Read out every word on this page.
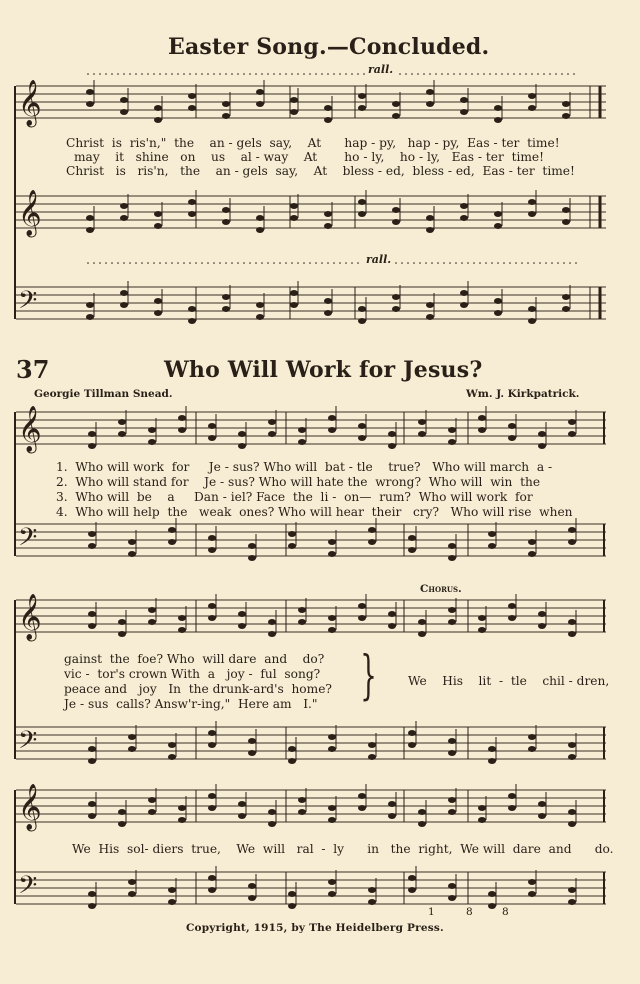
𝄞
𝄞
𝄢
𝄞
𝄢
𝄞
𝄢
𝄞
𝄢
Easter Song.—Concluded.
rall.
Christ  is  ris'n,"  the    an - gels  say,    At      hap - py,   hap - py,  Eas - ter  time!
may    it   shine   on    us    al - way    At       ho - ly,    ho - ly,   Eas - ter  time!
Christ   is   ris'n,   the    an - gels  say,    At    bless - ed,  bless - ed,  Eas - ter  time!
rall.
37	Who Will Work for Jesus?
Georgie Tillman Snead.	Wm. J. Kirkpatrick.
1.  Who will work  for     Je - sus? Who will  bat - tle    true?   Who will march  a -
2.  Who will stand for    Je - sus? Who will hate the  wrong?  Who will  win  the
3.  Who will  be    a     Dan - iel? Face  the  li -  on—  rum?  Who will work  for
4.  Who will help  the   weak  ones? Who will hear  their   cry?   Who will rise  when
Chorus.
gainst  the  foe? Who  will dare  and    do?
vic -  tor's crown With  a   joy -  ful  song?
peace and   joy   In  the drunk-ard's  home?
Je - sus  calls? Answ'r-ing,"  Here am   I." }	We    His    lit  -  tle    chil - dren,
We  His  sol- diers  true,    We  will   ral  -  ly      in   the  right,  We will  dare  and      do.
1	8	8
Copyright, 1915, by The Heidelberg Press.
